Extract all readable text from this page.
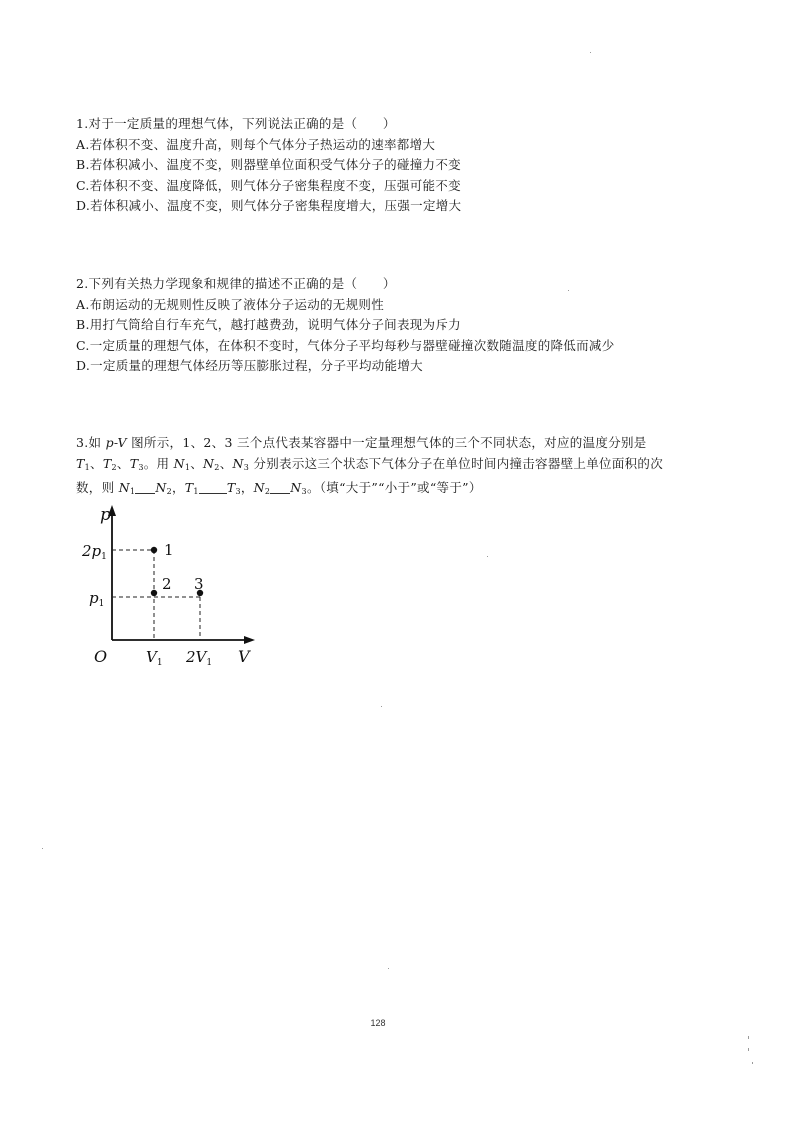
1.对于一定质量的理想气体，下列说法正确的是（　　）
A.若体积不变、温度升高，则每个气体分子热运动的速率都增大
B.若体积减小、温度不变，则器壁单位面积受气体分子的碰撞力不变
C.若体积不变、温度降低，则气体分子密集程度不变，压强可能不变
D.若体积减小、温度不变，则气体分子密集程度增大，压强一定增大
2.下列有关热力学现象和规律的描述不正确的是（　　）
A.布朗运动的无规则性反映了液体分子运动的无规则性
B.用打气筒给自行车充气，越打越费劲，说明气体分子间表现为斥力
C.一定质量的理想气体，在体积不变时，气体分子平均每秒与器壁碰撞次数随温度的降低而减少
D.一定质量的理想气体经历等压膨胀过程，分子平均动能增大
3.如 p-V 图所示，1、2、3 三个点代表某容器中一定量理想气体的三个不同状态，对应的温度分别是
$T_1$、$T_2$、$T_3$。用 $N_1$、$N_2$、$N_3$ 分别表示这三个状态下气体分子在单位时间内撞击容器壁上单位面积的次
数，则 $N_1$ $N_2$，$T_1$ $T_3$，$N_2$ $N_3$。（填“大于”“小于”或“等于”）
p
V
O
$2p_1$
$p_1$
$V_1$ $2V_1$
1
2 3
128
